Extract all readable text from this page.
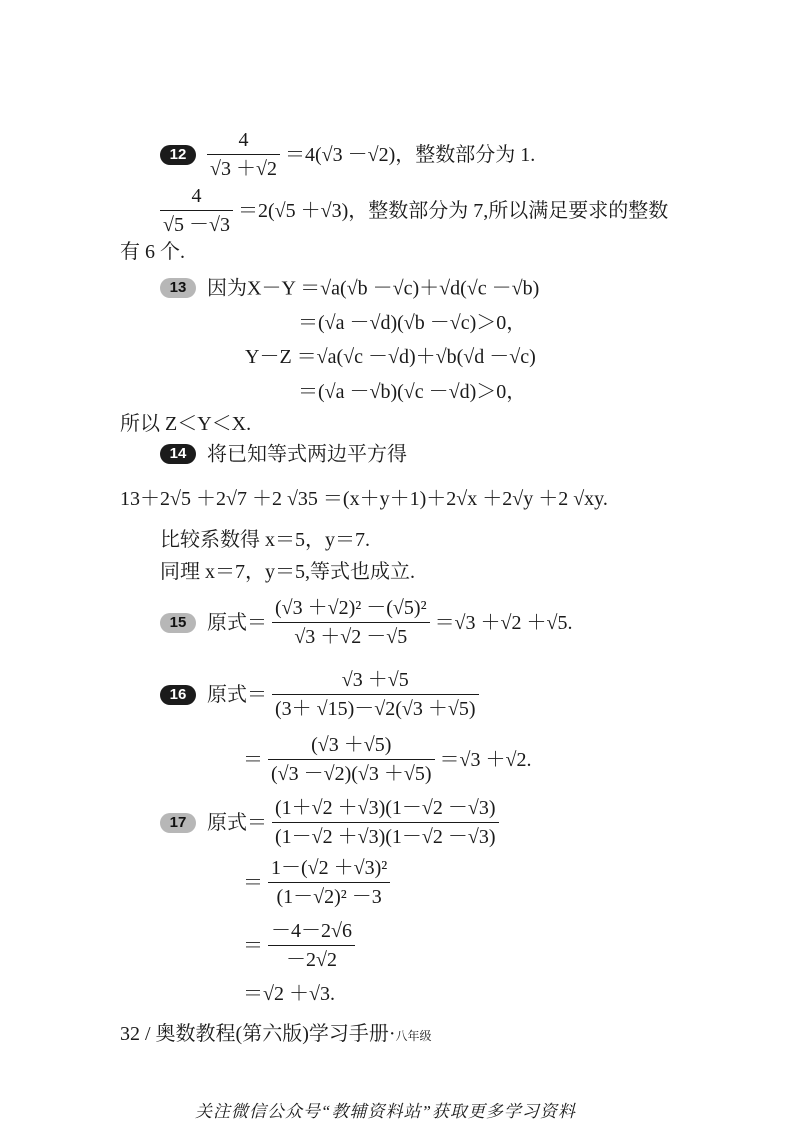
$12 \frac{4}{√3 +√2} =4(√3 -√2)$，整数部分为 1.
$\frac{4}{√5 -√3} =2(√5 +√3)$，整数部分为 7,所以满足要求的整数
有 6 个.
13 因为X－Y ＝√a(√b －√c)＋√d(√c －√b)
＝(√a －√d)(√b －√c)＞0，
Y－Z ＝√a(√c －√d)＋√b(√d －√c)
＝(√a －√b)(√c －√d)＞0，
所以 Z＜Y＜X.
14 将已知等式两边平方得
13＋2√5 ＋2√7 ＋2 √35 ＝(x＋y＋1)＋2√x ＋2√y ＋2 √xy.
比较系数得 x＝5，y＝7.
同理 x＝7，y＝5,等式也成立.
15 原式＝ $\frac{\text{(√3 ＋√2)² －(√5)²}}{√3 +√2 -√5} =√3 +√2 +√5$.
16 原式＝ $\frac{√3 +√5}{(3+ √15)-√2(√3 +√5)}$
＝ $\frac{(√3 +√5)}{(√3 -√2)(√3 +√5)} =√3 +√2$.
17 原式＝ $\frac{(1+√2 +√3)(1-√2 -√3)}{(1-√2 +√3)(1-√2 -√3)}$
＝ $\frac{\text{1－(√2 ＋√3)²}}{\text{(1－√2)² －3}}$
＝ $\frac{-4-2√6}{-2√2}$
＝√2 ＋√3.
32 / 奥数教程(第六版)学习手册·八年级
关注微信公众号“教辅资料站”获取更多学习资料
